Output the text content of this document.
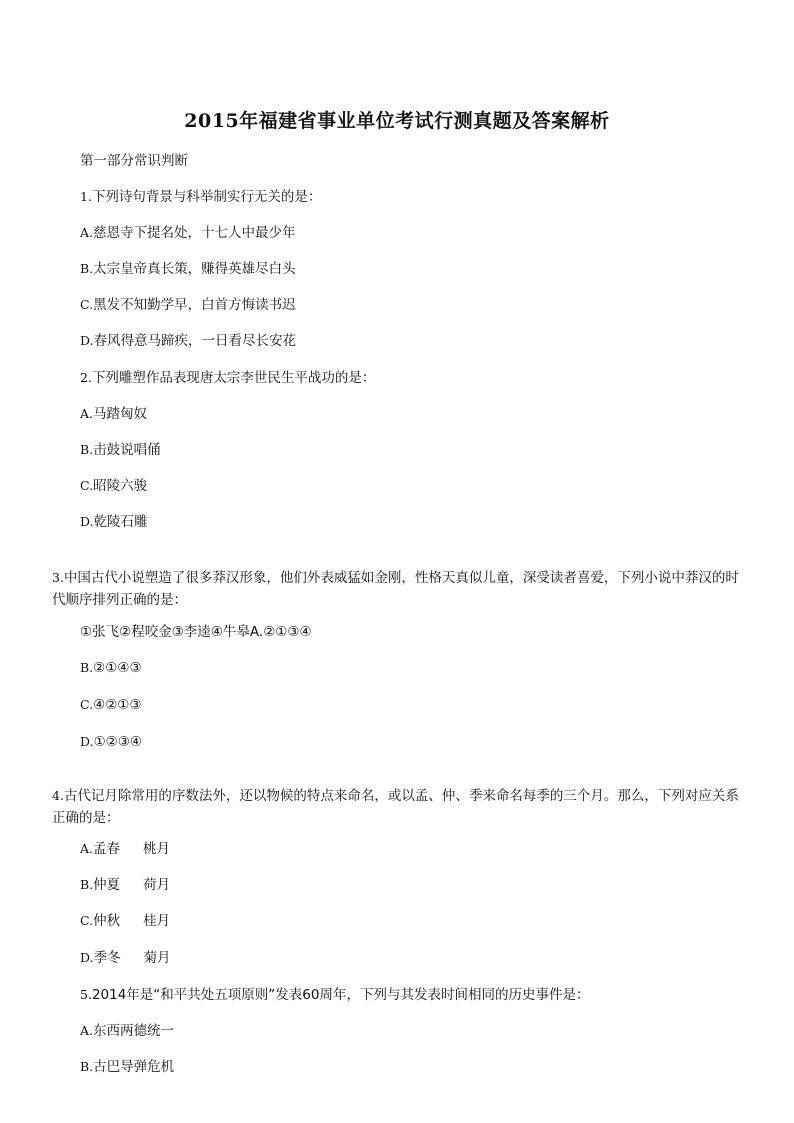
2015年福建省事业单位考试行测真题及答案解析
第一部分常识判断
1.下列诗句背景与科举制实行无关的是：
A.慈恩寺下提名处，十七人中最少年
B.太宗皇帝真长策，赚得英雄尽白头
C.黑发不知勤学早，白首方悔读书迟
D.春风得意马蹄疾，一日看尽长安花
2.下列雕塑作品表现唐太宗李世民生平战功的是：
A.马踏匈奴
B.击鼓说唱俑
C.昭陵六骏
D.乾陵石雕
3.中国古代小说塑造了很多莽汉形象，他们外表威猛如金刚，性格天真似儿童，深受读者喜爱，下列小说中莽汉的时代顺序排列正确的是：
①张飞②程咬金③李逵④牛皋A.②①③④
B.②①④③
C.④②①③
D.①②③④
4.古代记月除常用的序数法外，还以物候的特点来命名，或以孟、仲、季来命名每季的三个月。那么，下列对应关系正确的是：
A.孟春 桃月
B.仲夏 荷月
C.仲秋 桂月
D.季冬 菊月
5.2014年是“和平共处五项原则”发表60周年，下列与其发表时间相同的历史事件是：
A.东西两德统一
B.古巴导弹危机
